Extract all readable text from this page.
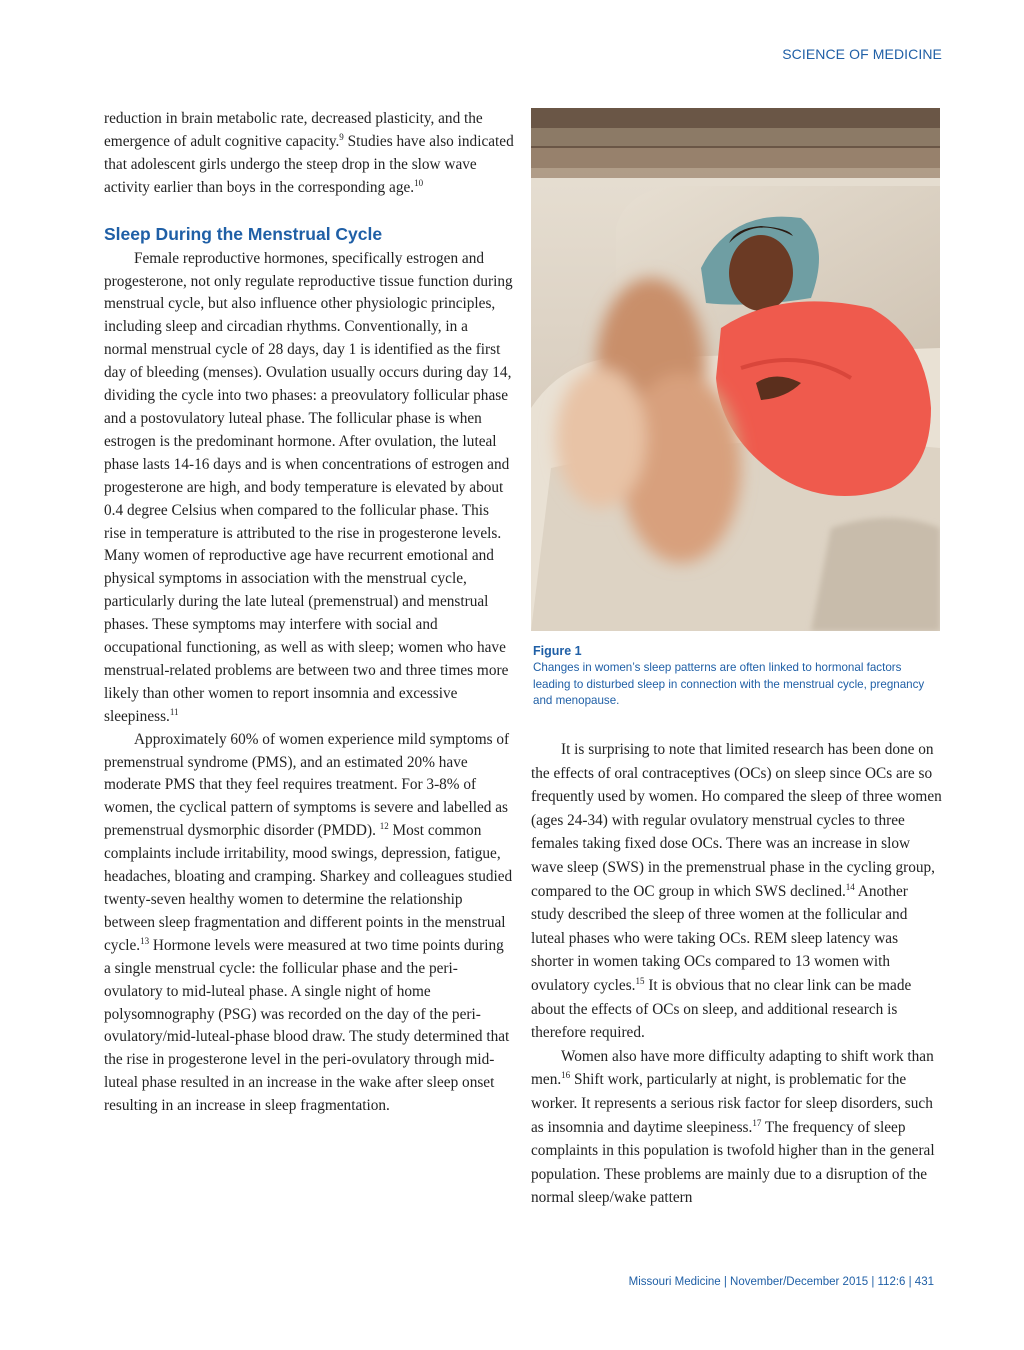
SCIENCE OF MEDICINE

reduction in brain metabolic rate, decreased plasticity, and the emergence of adult cognitive capacity.$^9$ Studies have also indicated that adolescent girls undergo the steep drop in the slow wave activity earlier than boys in the corresponding age.$^{10}$

Sleep During the Menstrual Cycle

Female reproductive hormones, specifically estrogen and progesterone, not only regulate reproductive tissue function during menstrual cycle, but also influence other physiologic principles, including sleep and circadian rhythms. Conventionally, in a normal menstrual cycle of 28 days, day 1 is identified as the first day of bleeding (menses). Ovulation usually occurs during day 14, dividing the cycle into two phases: a preovulatory follicular phase and a postovulatory luteal phase. The follicular phase is when estrogen is the predominant hormone. After ovulation, the luteal phase lasts 14-16 days and is when concentrations of estrogen and progesterone are high, and body temperature is elevated by about 0.4 degree Celsius when compared to the follicular phase. This rise in temperature is attributed to the rise in progesterone levels. Many women of reproductive age have recurrent emotional and physical symptoms in association with the menstrual cycle, particularly during the late luteal (premenstrual) and menstrual phases. These symptoms may interfere with social and occupational functioning, as well as with sleep; women who have menstrual-related problems are between two and three times more likely than other women to report insomnia and excessive sleepiness.$^{11}$

Approximately 60% of women experience mild symptoms of premenstrual syndrome (PMS), and an estimated 20% have moderate PMS that they feel requires treatment. For 3-8% of women, the cyclical pattern of symptoms is severe and labelled as premenstrual dysmorphic disorder (PMDD). $^{12}$ Most common complaints include irritability, mood swings, depression, fatigue, headaches, bloating and cramping. Sharkey and colleagues studied twenty-seven healthy women to determine the relationship between sleep fragmentation and different points in the menstrual cycle.$^{13}$ Hormone levels were measured at two time points during a single menstrual cycle: the follicular phase and the peri-ovulatory to mid-luteal phase. A single night of home polysomnography (PSG) was recorded on the day of the peri-ovulatory/mid-luteal-phase blood draw. The study determined that the rise in progesterone level in the peri-ovulatory through mid-luteal phase resulted in an increase in the wake after sleep onset resulting in an increase in sleep fragmentation.

Figure 1
Changes in women’s sleep patterns are often linked to hormonal factors leading to disturbed sleep in connection with the menstrual cycle, pregnancy and menopause.

It is surprising to note that limited research has been done on the effects of oral contraceptives (OCs) on sleep since OCs are so frequently used by women. Ho compared the sleep of three women (ages 24-34) with regular ovulatory menstrual cycles to three females taking fixed dose OCs. There was an increase in slow wave sleep (SWS) in the premenstrual phase in the cycling group, compared to the OC group in which SWS declined.$^{14}$ Another study described the sleep of three women at the follicular and luteal phases who were taking OCs. REM sleep latency was shorter in women taking OCs compared to 13 women with ovulatory cycles.$^{15}$ It is obvious that no clear link can be made about the effects of OCs on sleep, and additional research is therefore required.

Women also have more difficulty adapting to shift work than men.$^{16}$ Shift work, particularly at night, is problematic for the worker. It represents a serious risk factor for sleep disorders, such as insomnia and daytime sleepiness.$^{17}$ The frequency of sleep complaints in this population is twofold higher than in the general population. These problems are mainly due to a disruption of the normal sleep/wake pattern

Missouri Medicine | November/December 2015 | 112:6 | 431
